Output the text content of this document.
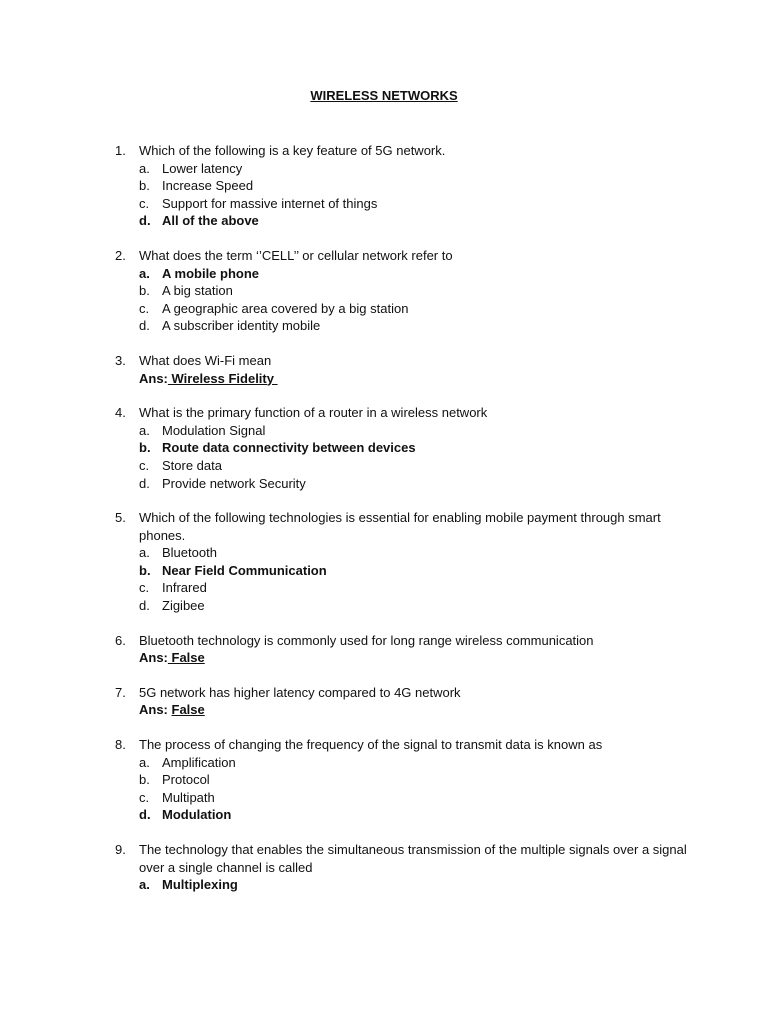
WIRELESS NETWORKS
1.	Which of the following is a key feature of 5G network.
a. Lower latency
b. Increase Speed
c. Support for massive internet of things
d. All of the above
2.	What does the term ‘’CELL’’ or cellular network refer to
a. A mobile phone
b. A big station
c. A geographic area covered by a big station
d. A subscriber identity mobile
3.	What does Wi-Fi mean
Ans: Wireless Fidelity
4.	What is the primary function of a router in a wireless network
a. Modulation Signal
b. Route data connectivity between devices
c. Store data
d. Provide network Security
5.	Which of the following technologies is essential for enabling mobile payment through smart phones.
a. Bluetooth
b. Near Field Communication
c. Infrared
d. Zigibee
6.	Bluetooth technology is commonly used for long range wireless communication
Ans: False
7.	5G network has higher latency compared to 4G network
Ans: False
8.	The process of changing the frequency of the signal to transmit data is known as
a. Amplification
b. Protocol
c. Multipath
d. Modulation
9.	The technology that enables the simultaneous transmission of the multiple signals over a signal over a single channel is called
a. Multiplexing
